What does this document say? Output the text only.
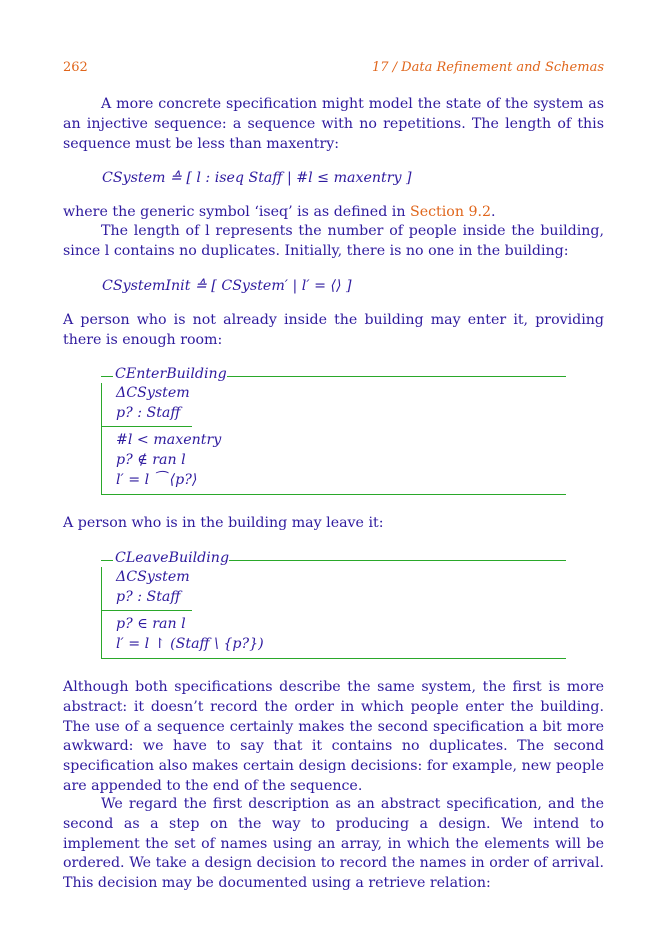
262	17 / Data Refinement and Schemas

A more concrete specification might model the state of the system as an injective sequence: a sequence with no repetitions. The length of this sequence must be less than maxentry:

CSystem ≙ [ l : iseq Staff | #l ≤ maxentry ]

where the generic symbol ‘iseq’ is as defined in Section 9.2.

The length of l represents the number of people inside the building, since l contains no duplicates. Initially, there is no one in the building:

CSystemInit ≙ [ CSystem′ | l′ = ⟨⟩ ]

A person who is not already inside the building may enter it, providing there is enough room:

CEnterBuilding
ΔCSystem
p? : Staff
#l < maxentry
p? ∉ ran l
l′ = l ⁀ ⟨p?⟩

A person who is in the building may leave it:

CLeaveBuilding
ΔCSystem
p? : Staff
p? ∈ ran l
l′ = l ↾ (Staff \ {p?})

Although both specifications describe the same system, the first is more abstract: it doesn’t record the order in which people enter the building. The use of a sequence certainly makes the second specification a bit more awkward: we have to say that it contains no duplicates. The second specification also makes certain design decisions: for example, new people are appended to the end of the sequence.

We regard the first description as an abstract specification, and the second as a step on the way to producing a design. We intend to implement the set of names using an array, in which the elements will be ordered. We take a design decision to record the names in order of arrival. This decision may be documented using a retrieve relation:
